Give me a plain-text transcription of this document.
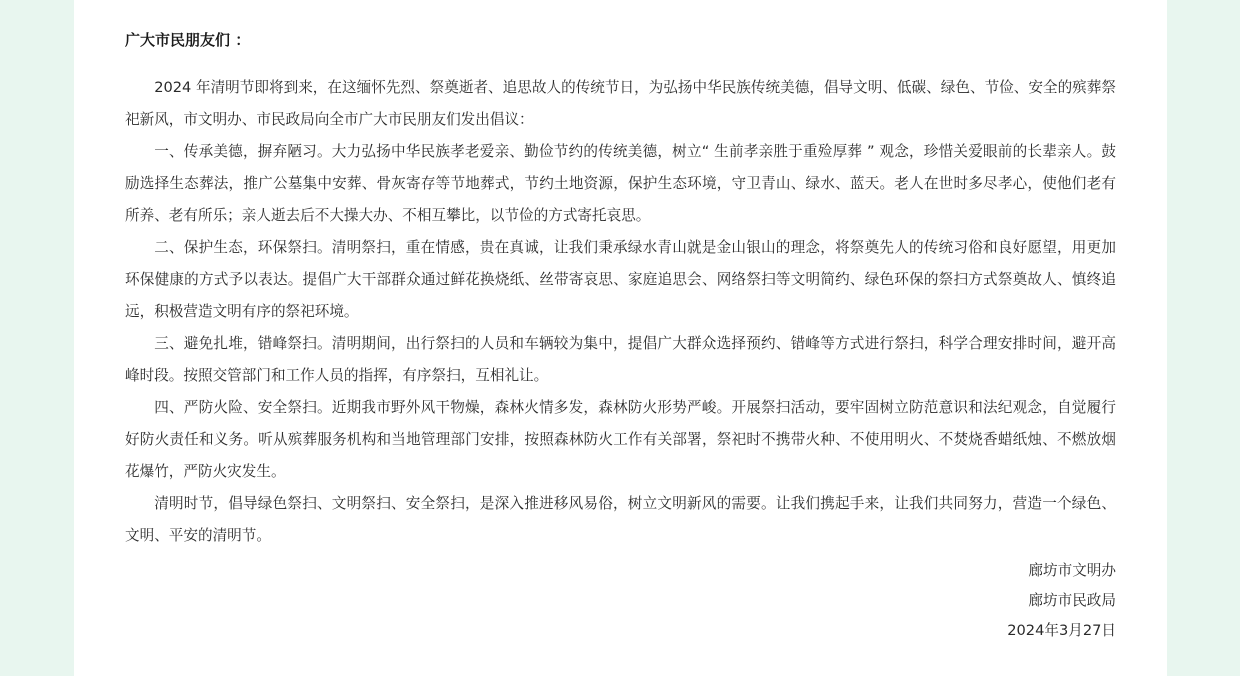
广大市民朋友们 ：

2024 年清明节即将到来，在这缅怀先烈、祭奠逝者、追思故人的传统节日，为弘扬中华民族传统美德，倡导文明、低碳、绿色、节俭、安全的殡葬祭祀新风，市文明办、市民政局向全市广大市民朋友们发出倡议：

一、传承美德，摒弃陋习。大力弘扬中华民族孝老爱亲、勤俭节约的传统美德，树立“ 生前孝亲胜于重殓厚葬 ” 观念，珍惜关爱眼前的长辈亲人。鼓励选择生态葬法，推广公墓集中安葬、骨灰寄存等节地葬式，节约土地资源，保护生态环境，守卫青山、绿水、蓝天。老人在世时多尽孝心，使他们老有所养、老有所乐；亲人逝去后不大操大办、不相互攀比，以节俭的方式寄托哀思。

二、保护生态，环保祭扫。清明祭扫，重在情感，贵在真诚，让我们秉承绿水青山就是金山银山的理念，将祭奠先人的传统习俗和良好愿望，用更加环保健康的方式予以表达。提倡广大干部群众通过鲜花换烧纸、丝带寄哀思、家庭追思会、网络祭扫等文明简约、绿色环保的祭扫方式祭奠故人、慎终追远，积极营造文明有序的祭祀环境。

三、避免扎堆，错峰祭扫。清明期间，出行祭扫的人员和车辆较为集中，提倡广大群众选择预约、错峰等方式进行祭扫，科学合理安排时间，避开高峰时段。按照交管部门和工作人员的指挥，有序祭扫，互相礼让。

四、严防火险、安全祭扫。近期我市野外风干物燥，森林火情多发，森林防火形势严峻。开展祭扫活动，要牢固树立防范意识和法纪观念，自觉履行好防火责任和义务。听从殡葬服务机构和当地管理部门安排，按照森林防火工作有关部署，祭祀时不携带火种、不使用明火、不焚烧香蜡纸烛、不燃放烟花爆竹，严防火灾发生。

清明时节，倡导绿色祭扫、文明祭扫、安全祭扫，是深入推进移风易俗，树立文明新风的需要。让我们携起手来，让我们共同努力，营造一个绿色、文明、平安的清明节。

廊坊市文明办
廊坊市民政局
2024年3月27日
